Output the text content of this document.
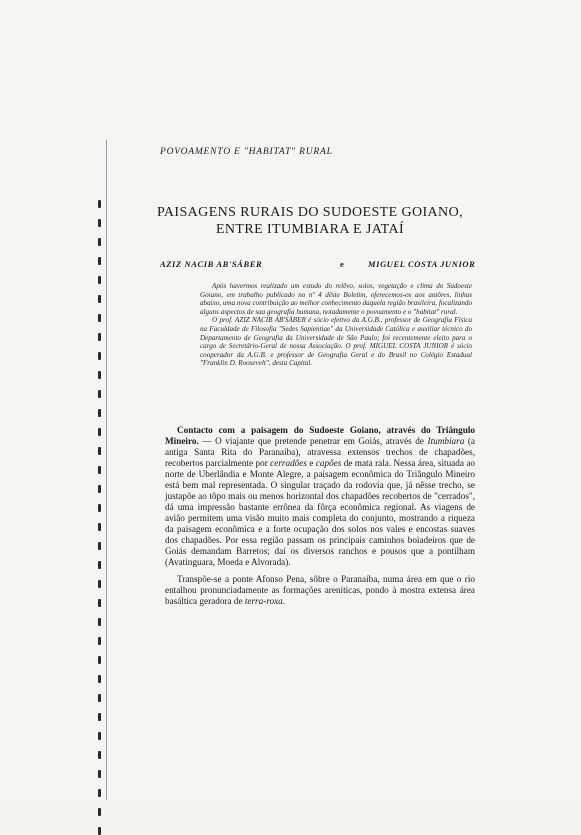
POVOAMENTO E "HABITAT" RURAL
PAISAGENS RURAIS DO SUDOESTE GOIANO,
ENTRE ITUMBIARA E JATAÍ
AZIZ NACIB AB'SÁBER	e	MIGUEL COSTA JUNIOR

Após havermos realizado um estudo do relêvo, solos, vegetação e clima do Sudoeste Goiano, em trabalho publicado no nº 4 dêste Boletim, oferecemos-os aos antôres, linhas abaixo, uma nova contribuição ao melhor conhecimento daquela região brasileira, focalizando alguns aspectos de sua geografia humana, notadamente o povoamento e o "habitat" rural.

O prof. AZIZ NACIB AB'SÁBER é sócio efetivo da A.G.B., professor de Geografia Física na Faculdade de Filosofia "Sedes Sapientiae" da Universidade Católica e auxiliar técnico do Departamento de Geografia da Universidade de São Paulo; foi recentemente eleito para o cargo de Secretário-Geral de nossa Associação. O prof. MIGUEL COSTA JUNIOR é sócio cooperador da A.G.B. e professor de Geografia Geral e do Brasil no Colégio Estadual "Franklin D. Roosevelt", desta Capital.

Contacto com a paisagem do Sudoeste Goiano, através do Triângulo Mineiro. — O viajante que pretende penetrar em Goiás, através de Itumbiara (a antiga Santa Rita do Paranaíba), atravessa extensos trechos de chapadões, recobertos parcialmente por cerradões e capões de mata rala. Nessa área, situada ao norte de Uberlândia e Monte Alegre, a paisagem econômica do Triângulo Mineiro está bem mal representada. O singular traçado da rodovia que, já nêsse trecho, se justapõe ao tôpo mais ou menos horizontal dos chapadões recobertos de "cerrados", dá uma impressão bastante errônea da fôrça econômica regional. As viagens de avião permitem uma visão muito mais completa do conjunto, mostrando a riqueza da paisagem econômica e a forte ocupação dos solos nos vales e encostas suaves dos chapadões. Por essa região passam os principais caminhos boiadeiros que de Goiás demandam Barretos; daí os diversos ranchos e pousos que a pontilham (Avatinguara, Moeda e Alvorada).

Transpõe-se a ponte Afonso Pena, sôbre o Paranaíba, numa área em que o rio entalhou pronunciadamente as formações areníticas, pondo à mostra extensa área basáltica geradora de terra-roxa.
